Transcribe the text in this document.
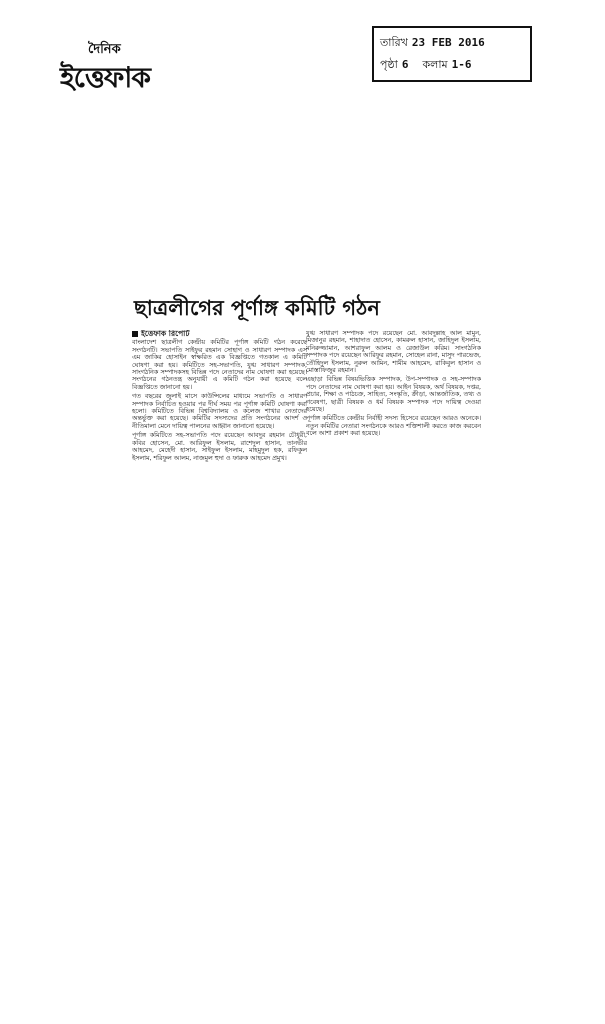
দৈনিক
ইত্তেফাক
তারিখ 23 FEB 2016
পৃষ্ঠা 6 কলাম 1-6
ছাত্রলীগের পূর্ণাঙ্গ কমিটি গঠন
ইত্তেফাক রিপোর্ট

বাংলাদেশ ছাত্রলীগ কেন্দ্রীয় কমিটির পূর্ণাঙ্গ কমিটি গঠন করেছে সংগঠনটি। সভাপতি সাইফুর রহমান সোহাগ ও সাধারণ সম্পাদক এস এম জাকির হোসাইন স্বাক্ষরিত এক বিজ্ঞপ্তিতে গতকাল এ কমিটি ঘোষণা করা হয়। কমিটিতে সহ-সভাপতি, যুগ্ম সাধারণ সম্পাদক, সাংগঠনিক সম্পাদকসহ বিভিন্ন পদে নেতাদের নাম ঘোষণা করা হয়েছে। সংগঠনের গঠনতন্ত্র অনুযায়ী এ কমিটি গঠন করা হয়েছে বলে বিজ্ঞপ্তিতে জানানো হয়।

গত বছরের জুলাই মাসে কাউন্সিলের মাধ্যমে সভাপতি ও সাধারণ সম্পাদক নির্বাচিত হওয়ার পর দীর্ঘ সময় পর পূর্ণাঙ্গ কমিটি ঘোষণা করা হলো। কমিটিতে বিভিন্ন বিশ্ববিদ্যালয় ও কলেজ শাখার নেতাদের অন্তর্ভুক্ত করা হয়েছে। কমিটির সদস্যদের প্রতি সংগঠনের আদর্শ ও নীতিমালা মেনে দায়িত্ব পালনের আহ্বান জানানো হয়েছে।

পূর্ণাঙ্গ কমিটিতে সহ-সভাপতি পদে রয়েছেন আবদুর রহমান চৌধুরী, কবির হোসেন, মো. আরিফুল ইসলাম, রাশেদুল হাসান, তানভীর আহমেদ, মেহেদী হাসান, সাইফুল ইসলাম, মাহমুদুল হক, রফিকুল ইসলাম, শরিফুল আলম, নাজমুল হুদা ও ফারুক আহমেদ প্রমুখ।

যুগ্ম সাধারণ সম্পাদক পদে রয়েছেন মো. আবদুল্লাহ আল মামুন, মিজানুর রহমান, শাহাদাত হোসেন, কামরুল হাসান, জাহিদুল ইসলাম, মনিরুজ্জামান, আশরাফুল আলম ও রেজাউল করিম। সাংগঠনিক সম্পাদক পদে রয়েছেন আরিফুর রহমান, সোহেল রানা, মাসুদ পারভেজ, তৌহিদুল ইসলাম, নুরুল আমিন, শামীম আহমেদ, রাকিবুল হাসান ও মোস্তাফিজুর রহমান।

এছাড়া বিভিন্ন বিষয়ভিত্তিক সম্পাদক, উপ-সম্পাদক ও সহ-সম্পাদক পদে নেতাদের নাম ঘোষণা করা হয়। আইন বিষয়ক, অর্থ বিষয়ক, দপ্তর, প্রচার, শিক্ষা ও পাঠচক্র, সাহিত্য, সংস্কৃতি, ক্রীড়া, আন্তর্জাতিক, তথ্য ও গবেষণা, ছাত্রী বিষয়ক ও ধর্ম বিষয়ক সম্পাদক পদে দায়িত্ব দেওয়া হয়েছে।

পূর্ণাঙ্গ কমিটিতে কেন্দ্রীয় নির্বাহী সদস্য হিসেবে রয়েছেন আরও অনেকে। নতুন কমিটির নেতারা সংগঠনকে আরও শক্তিশালী করতে কাজ করবেন বলে আশা প্রকাশ করা হয়েছে।
